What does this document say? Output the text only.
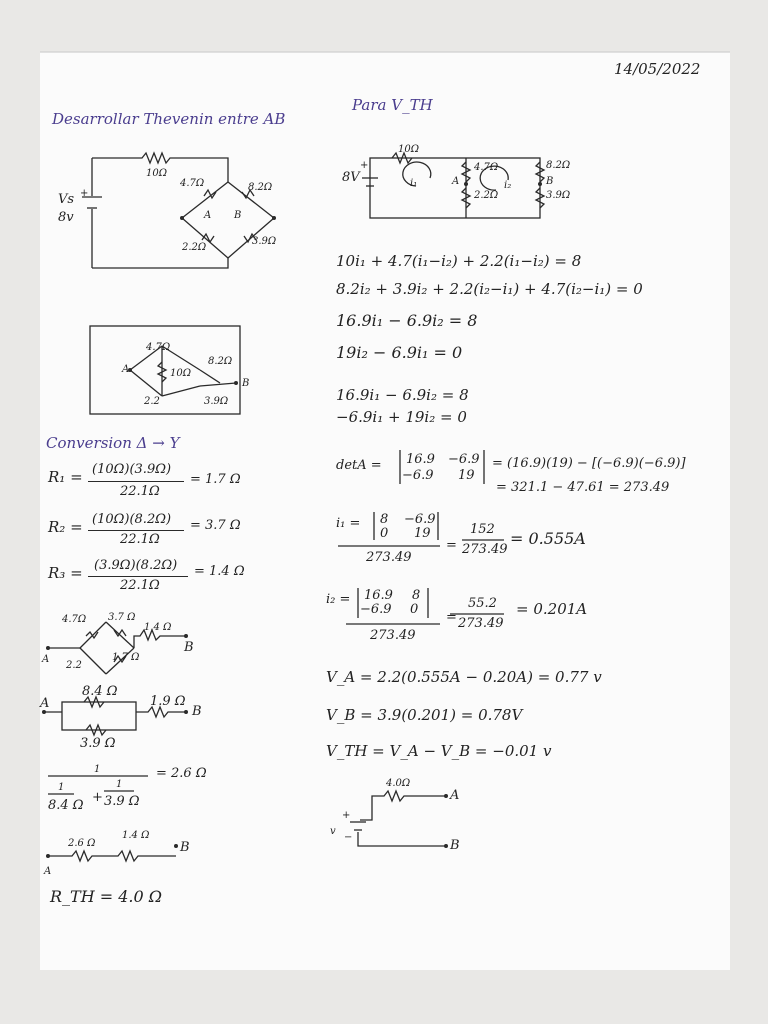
14/05/2022
Desarrollar Thevenin entre AB
Vs
8v
+
10Ω
4.7Ω	8.2Ω
2.2Ω
3.9Ω
A B
4.7Ω
10Ω
8.2Ω
2.2	3.9Ω
A
B
Conversion Δ → Y
R₁ = (10Ω)(3.9Ω)
22.1Ω
= 1.7 Ω
R₂ = (10Ω)(8.2Ω)
22.1Ω
= 3.7 Ω
R₃ = (3.9Ω)(8.2Ω)
22.1Ω
= 1.4 Ω
4.7Ω 3.7 Ω
1.4 Ω
2.2
1.7 Ω
A
B
8.4 Ω
3.9 Ω
1.9 Ω
A
B
1
1
8.4 Ω
+
1
3.9 Ω
= 2.6 Ω
2.6 Ω
1.4 Ω
A
B
R_TH = 4.0 Ω
Para V_TH
8V
+
10Ω
4.7Ω
2.2Ω
8.2Ω
3.9Ω
i₁	i₂
A	B
10i₁ + 4.7(i₁−i₂) + 2.2(i₁−i₂) = 8
8.2i₂ + 3.9i₂ + 2.2(i₂−i₁) + 4.7(i₂−i₁) = 0
16.9i₁ − 6.9i₂ = 8
19i₂ − 6.9i₁ = 0
16.9i₁ − 6.9i₂ = 8
−6.9i₁ + 19i₂ = 0
detA = 16.9 −6.9
−6.9 19
= (16.9)(19) − [(−6.9)(−6.9)]
= 321.1 − 47.61 = 273.49
i₁ = 8 −6.9
0 19
273.49
=
152
273.49
= 0.555A
i₂ = 16.9 8
−6.9 0
273.49
=
55.2
273.49
= 0.201A
V_A = 2.2(0.555A − 0.20A) = 0.77 v
V_B = 3.9(0.201) = 0.78V
V_TH = V_A − V_B = −0.01 v
4.0Ω
A
B
v
+
−
